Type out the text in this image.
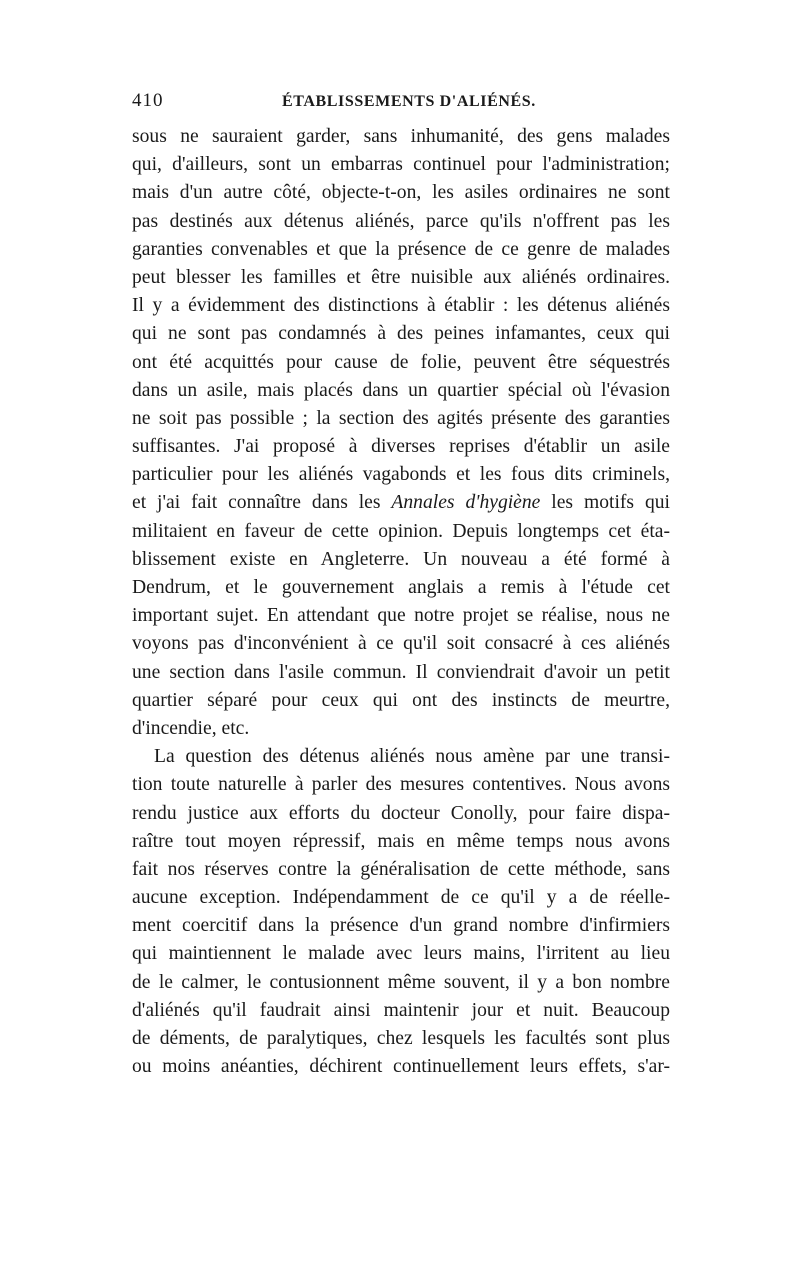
410	ÉTABLISSEMENTS D'ALIÉNÉS.
sous ne sauraient garder, sans inhumanité, des gens malades
qui, d'ailleurs, sont un embarras continuel pour l'administration;
mais d'un autre côté, objecte-t-on, les asiles ordinaires ne sont
pas destinés aux détenus aliénés, parce qu'ils n'offrent pas les
garanties convenables et que la présence de ce genre de malades
peut blesser les familles et être nuisible aux aliénés ordinaires.
Il y a évidemment des distinctions à établir : les détenus aliénés
qui ne sont pas condamnés à des peines infamantes, ceux qui
ont été acquittés pour cause de folie, peuvent être séquestrés
dans un asile, mais placés dans un quartier spécial où l'évasion
ne soit pas possible ; la section des agités présente des garanties
suffisantes. J'ai proposé à diverses reprises d'établir un asile
particulier pour les aliénés vagabonds et les fous dits criminels,
et j'ai fait connaître dans les Annales d'hygiène les motifs qui
militaient en faveur de cette opinion. Depuis longtemps cet éta-
blissement existe en Angleterre. Un nouveau a été formé à
Dendrum, et le gouvernement anglais a remis à l'étude cet
important sujet. En attendant que notre projet se réalise, nous ne
voyons pas d'inconvénient à ce qu'il soit consacré à ces aliénés
une section dans l'asile commun. Il conviendrait d'avoir un petit
quartier séparé pour ceux qui ont des instincts de meurtre,
d'incendie, etc.
La question des détenus aliénés nous amène par une transi-
tion toute naturelle à parler des mesures contentives. Nous avons
rendu justice aux efforts du docteur Conolly, pour faire dispa-
raître tout moyen répressif, mais en même temps nous avons
fait nos réserves contre la généralisation de cette méthode, sans
aucune exception. Indépendamment de ce qu'il y a de réelle-
ment coercitif dans la présence d'un grand nombre d'infirmiers
qui maintiennent le malade avec leurs mains, l'irritent au lieu
de le calmer, le contusionnent même souvent, il y a bon nombre
d'aliénés qu'il faudrait ainsi maintenir jour et nuit. Beaucoup
de déments, de paralytiques, chez lesquels les facultés sont plus
ou moins anéanties, déchirent continuellement leurs effets, s'ar-
